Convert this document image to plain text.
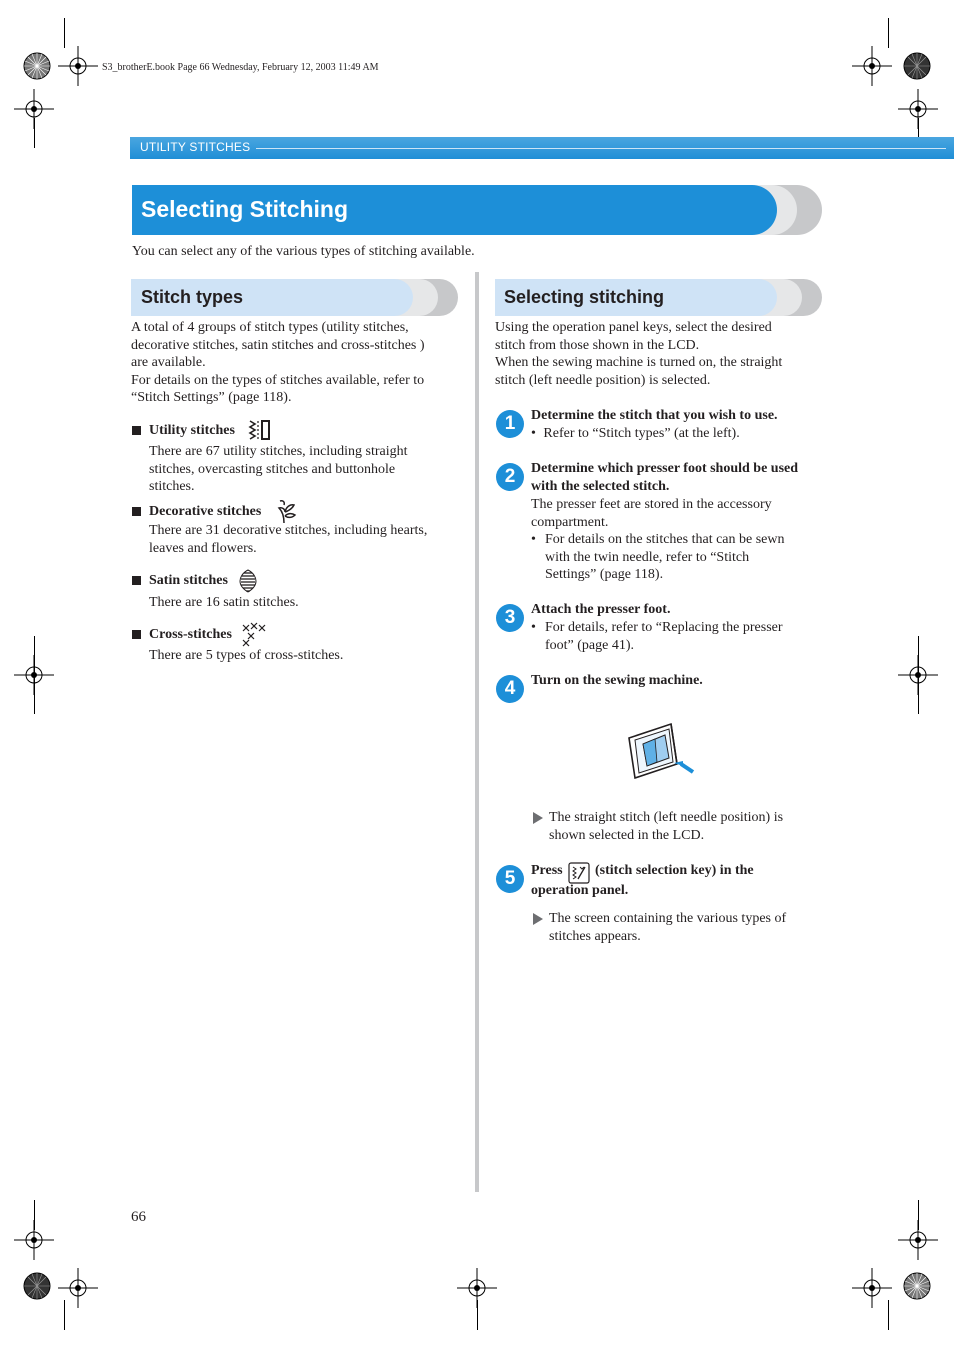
S3_brotherE.book Page 66 Wednesday, February 12, 2003 11:49 AM
UTILITY STITCHES
Selecting Stitching
You can select any of the various types of stitching available.
Stitch types
A total of 4 groups of stitch types (utility stitches,
decorative stitches, satin stitches and cross-stitches )
are available.
For details on the types of stitches available, refer to
“Stitch Settings” (page 118).
Utility stitches
There are 67 utility stitches, including straight
stitches, overcasting stitches and buttonhole
stitches.
Decorative stitches
There are 31 decorative stitches, including hearts,
leaves and flowers.
Satin stitches
There are 16 satin stitches.
Cross-stitches
There are 5 types of cross-stitches.
Selecting stitching
Using the operation panel keys, select the desired
stitch from those shown in the LCD.
When the sewing machine is turned on, the straight
stitch (left needle position) is selected.
1	Determine the stitch that you wish to use.
• Refer to “Stitch types” (at the left).
2	Determine which presser foot should be used
with the selected stitch.
The presser feet are stored in the accessory
compartment.
• For details on the stitches that can be sewn
with the twin needle, refer to “Stitch
Settings” (page 118).
3	Attach the presser foot.
• For details, refer to “Replacing the presser
foot” (page 41).
4	Turn on the sewing machine.
The straight stitch (left needle position) is
shown selected in the LCD.
5	Press (stitch selection key) in the
operation panel.
The screen containing the various types of
stitches appears.
66
